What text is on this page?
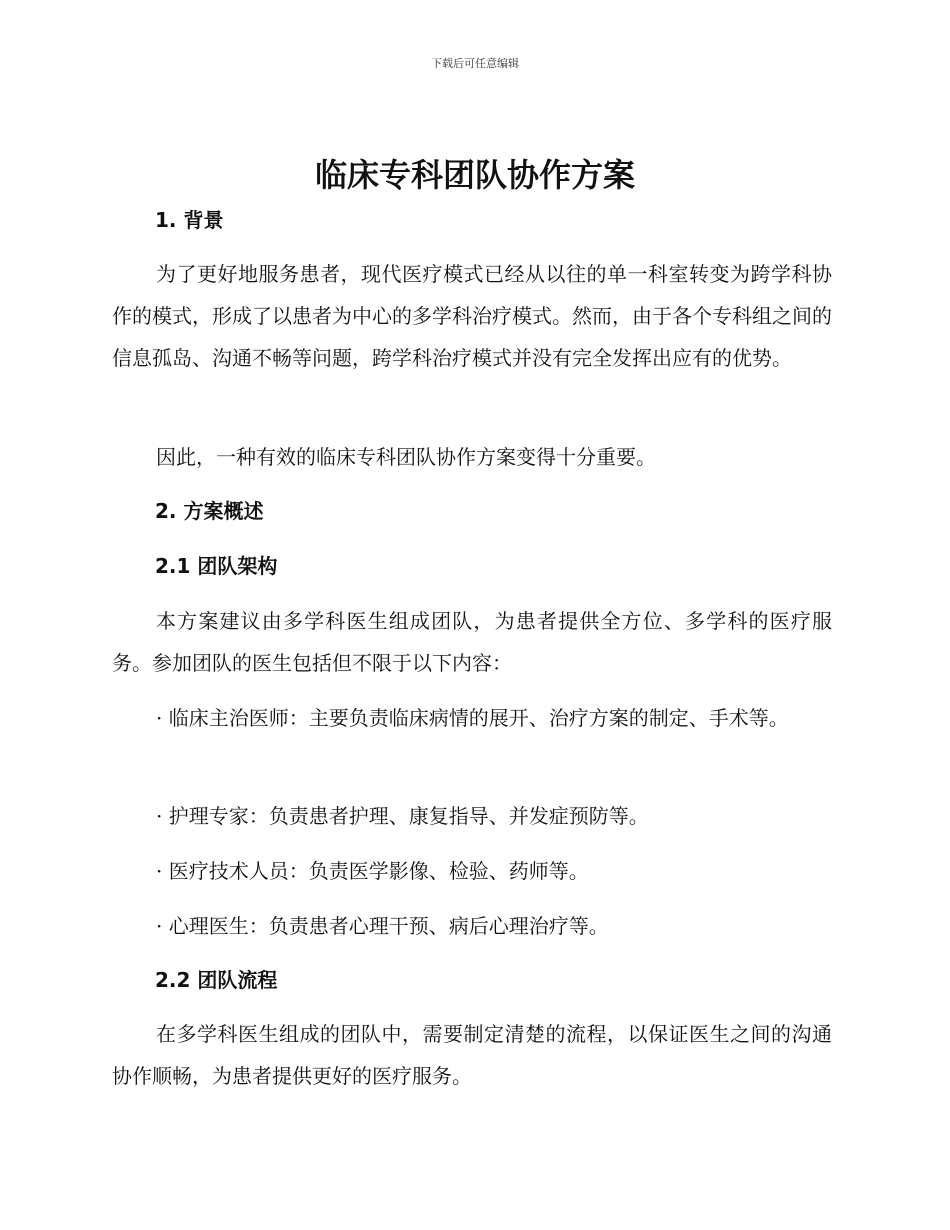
下载后可任意编辑
临床专科团队协作方案
1. 背景

为了更好地服务患者，现代医疗模式已经从以往的单一科室转变为跨学科协作的模式，形成了以患者为中心的多学科治疗模式。然而，由于各个专科组之间的信息孤岛、沟通不畅等问题，跨学科治疗模式并没有完全发挥出应有的优势。

因此，一种有效的临床专科团队协作方案变得十分重要。

2. 方案概述
2.1 团队架构

本方案建议由多学科医生组成团队，为患者提供全方位、多学科的医疗服务。参加团队的医生包括但不限于以下内容：

· 临床主治医师：主要负责临床病情的展开、治疗方案的制定、手术等。

· 护理专家：负责患者护理、康复指导、并发症预防等。

· 医疗技术人员：负责医学影像、检验、药师等。

· 心理医生：负责患者心理干预、病后心理治疗等。

2.2 团队流程

在多学科医生组成的团队中，需要制定清楚的流程，以保证医生之间的沟通协作顺畅，为患者提供更好的医疗服务。
